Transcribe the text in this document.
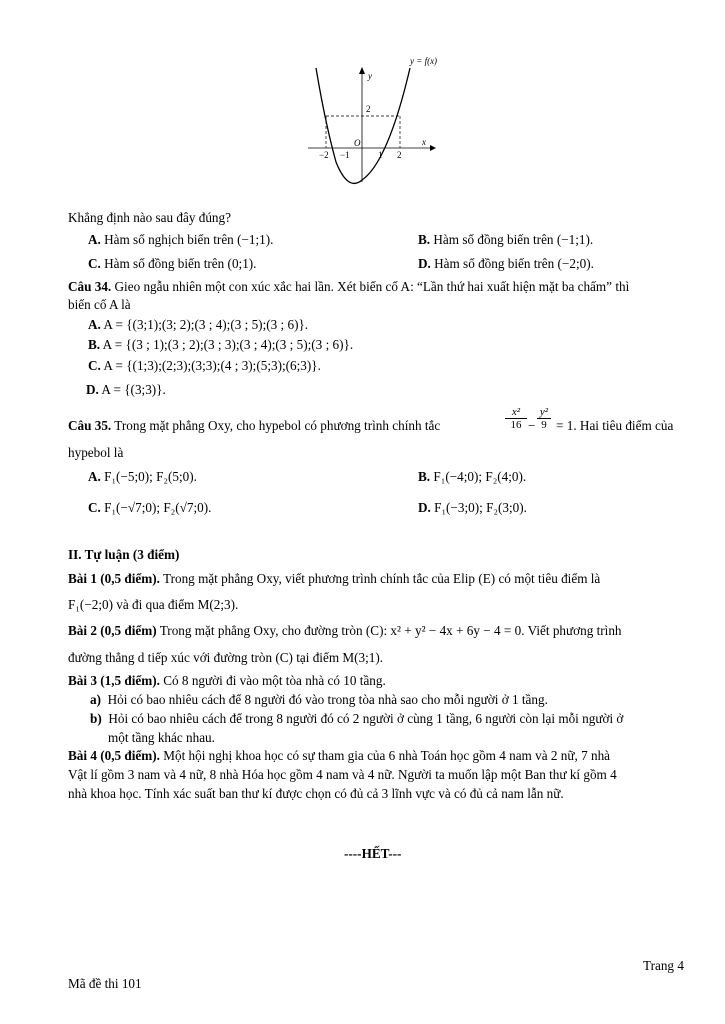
y = f(x)
y
x
O
2
−2 −1	1 2
Khẳng định nào sau đây đúng?
A. Hàm số nghịch biến trên (−1;1).	B. Hàm số đồng biến trên (−1;1).
C. Hàm số đồng biến trên (0;1).	D. Hàm số đồng biến trên (−2;0).
Câu 34. Gieo ngẫu nhiên một con xúc xắc hai lần. Xét biến cố A: “Lần thứ hai xuất hiện mặt ba chấm” thì
biến cố A là
A. A = {(3;1);(3; 2);(3 ; 4);(3 ; 5);(3 ; 6)}.
B. A = {(3 ; 1);(3 ; 2);(3 ; 3);(3 ; 4);(3 ; 5);(3 ; 6)}.
C. A = {(1;3);(2;3);(3;3);(4 ; 3);(5;3);(6;3)}.
D. A = {(3;3)}.
Câu 35. Trong mặt phẳng Oxy, cho hypebol có phương trình chính tắc	$\frac{\text{x²}}{16} - \frac{\text{y²}}{9} = 1$. Hai tiêu điểm của
hypebol là
A. F₁(−5;0); F₂(5;0).	B. F₁(−4;0); F₂(4;0).
C. F₁(−√7;0); F₂(√7;0).	D. F₁(−3;0); F₂(3;0).
II. Tự luận (3 điểm)
Bài 1 (0,5 điểm). Trong mặt phẳng Oxy, viết phương trình chính tắc của Elip (E) có một tiêu điểm là
F₁(−2;0) và đi qua điểm M(2;3).
Bài 2 (0,5 điểm) Trong mặt phẳng Oxy, cho đường tròn (C): x² + y² − 4x + 6y − 4 = 0. Viết phương trình
đường thẳng d tiếp xúc với đường tròn (C) tại điểm M(3;1).
Bài 3 (1,5 điểm). Có 8 người đi vào một tòa nhà có 10 tầng.
a) Hỏi có bao nhiêu cách để 8 người đó vào trong tòa nhà sao cho mỗi người ở 1 tầng.
b) Hỏi có bao nhiêu cách để trong 8 người đó có 2 người ở cùng 1 tầng, 6 người còn lại mỗi người ở
một tầng khác nhau.
Bài 4 (0,5 điểm). Một hội nghị khoa học có sự tham gia của 6 nhà Toán học gồm 4 nam và 2 nữ, 7 nhà
Vật lí gồm 3 nam và 4 nữ, 8 nhà Hóa học gồm 4 nam và 4 nữ. Người ta muốn lập một Ban thư kí gồm 4
nhà khoa học. Tính xác suất ban thư kí được chọn có đủ cả 3 lĩnh vực và có đủ cả nam lẫn nữ.
----HẾT---
Trang 4
Mã đề thi 101
